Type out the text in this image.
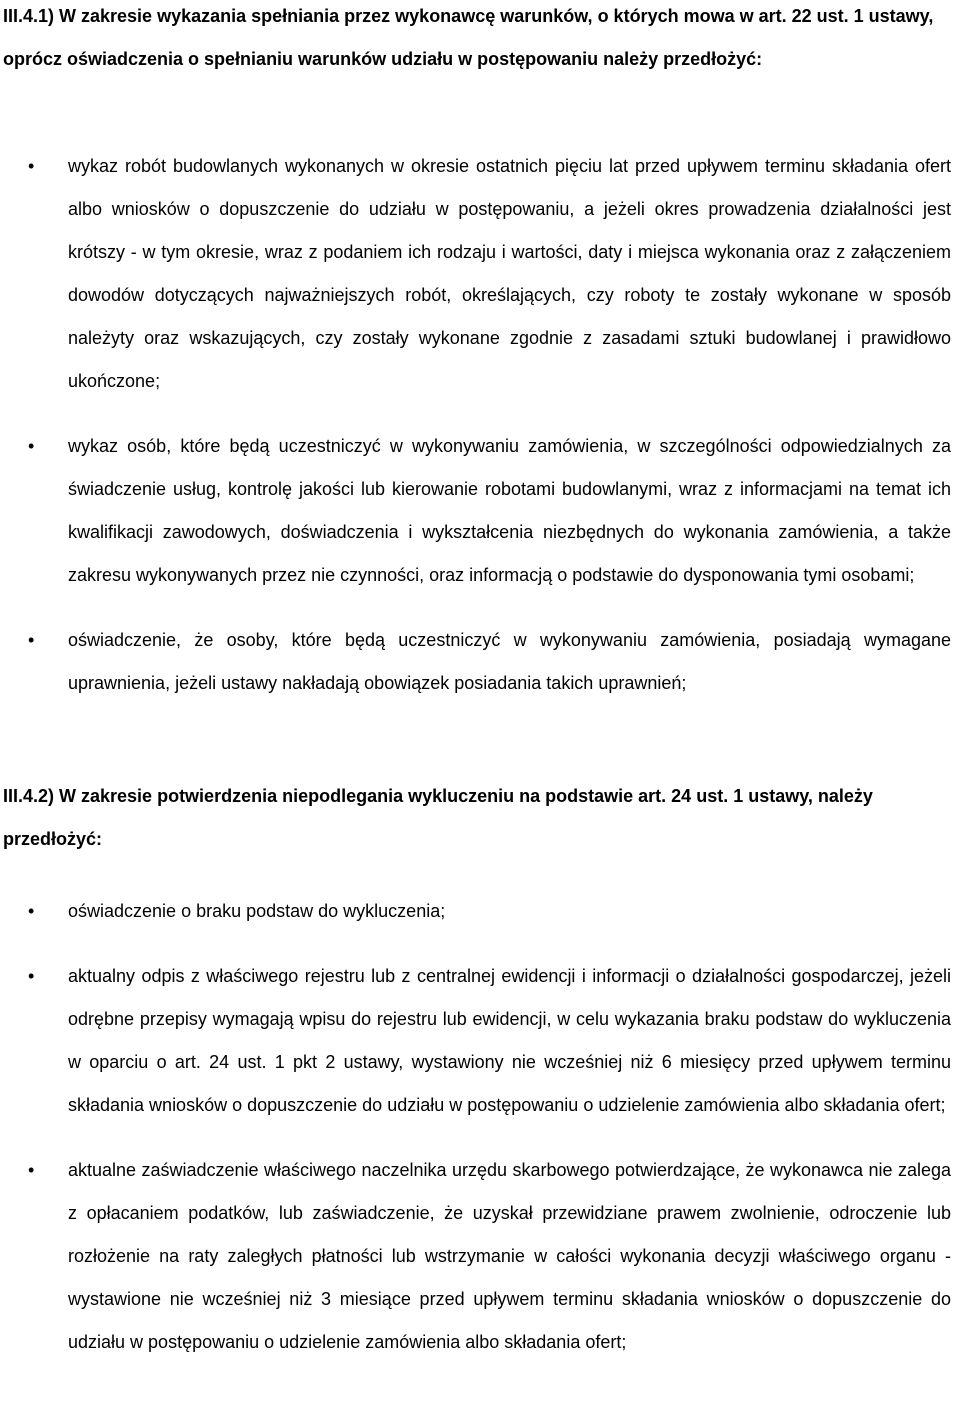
III.4.1) W zakresie wykazania spełniania przez wykonawcę warunków, o których mowa w art. 22 ust. 1 ustawy, oprócz oświadczenia o spełnianiu warunków udziału w postępowaniu należy przedłożyć:

• wykaz robót budowlanych wykonanych w okresie ostatnich pięciu lat przed upływem terminu składania ofert albo wniosków o dopuszczenie do udziału w postępowaniu, a jeżeli okres prowadzenia działalności jest krótszy - w tym okresie, wraz z podaniem ich rodzaju i wartości, daty i miejsca wykonania oraz z załączeniem dowodów dotyczących najważniejszych robót, określających, czy roboty te zostały wykonane w sposób należyty oraz wskazujących, czy zostały wykonane zgodnie z zasadami sztuki budowlanej i prawidłowo ukończone;
• wykaz osób, które będą uczestniczyć w wykonywaniu zamówienia, w szczególności odpowiedzialnych za świadczenie usług, kontrolę jakości lub kierowanie robotami budowlanymi, wraz z informacjami na temat ich kwalifikacji zawodowych, doświadczenia i wykształcenia niezbędnych do wykonania zamówienia, a także zakresu wykonywanych przez nie czynności, oraz informacją o podstawie do dysponowania tymi osobami;
• oświadczenie, że osoby, które będą uczestniczyć w wykonywaniu zamówienia, posiadają wymagane uprawnienia, jeżeli ustawy nakładają obowiązek posiadania takich uprawnień;

III.4.2) W zakresie potwierdzenia niepodlegania wykluczeniu na podstawie art. 24 ust. 1 ustawy, należy przedłożyć:

• oświadczenie o braku podstaw do wykluczenia;
• aktualny odpis z właściwego rejestru lub z centralnej ewidencji i informacji o działalności gospodarczej, jeżeli odrębne przepisy wymagają wpisu do rejestru lub ewidencji, w celu wykazania braku podstaw do wykluczenia w oparciu o art. 24 ust. 1 pkt 2 ustawy, wystawiony nie wcześniej niż 6 miesięcy przed upływem terminu składania wniosków o dopuszczenie do udziału w postępowaniu o udzielenie zamówienia albo składania ofert;
• aktualne zaświadczenie właściwego naczelnika urzędu skarbowego potwierdzające, że wykonawca nie zalega z opłacaniem podatków, lub zaświadczenie, że uzyskał przewidziane prawem zwolnienie, odroczenie lub rozłożenie na raty zaległych płatności lub wstrzymanie w całości wykonania decyzji właściwego organu - wystawione nie wcześniej niż 3 miesiące przed upływem terminu składania wniosków o dopuszczenie do udziału w postępowaniu o udzielenie zamówienia albo składania ofert;
